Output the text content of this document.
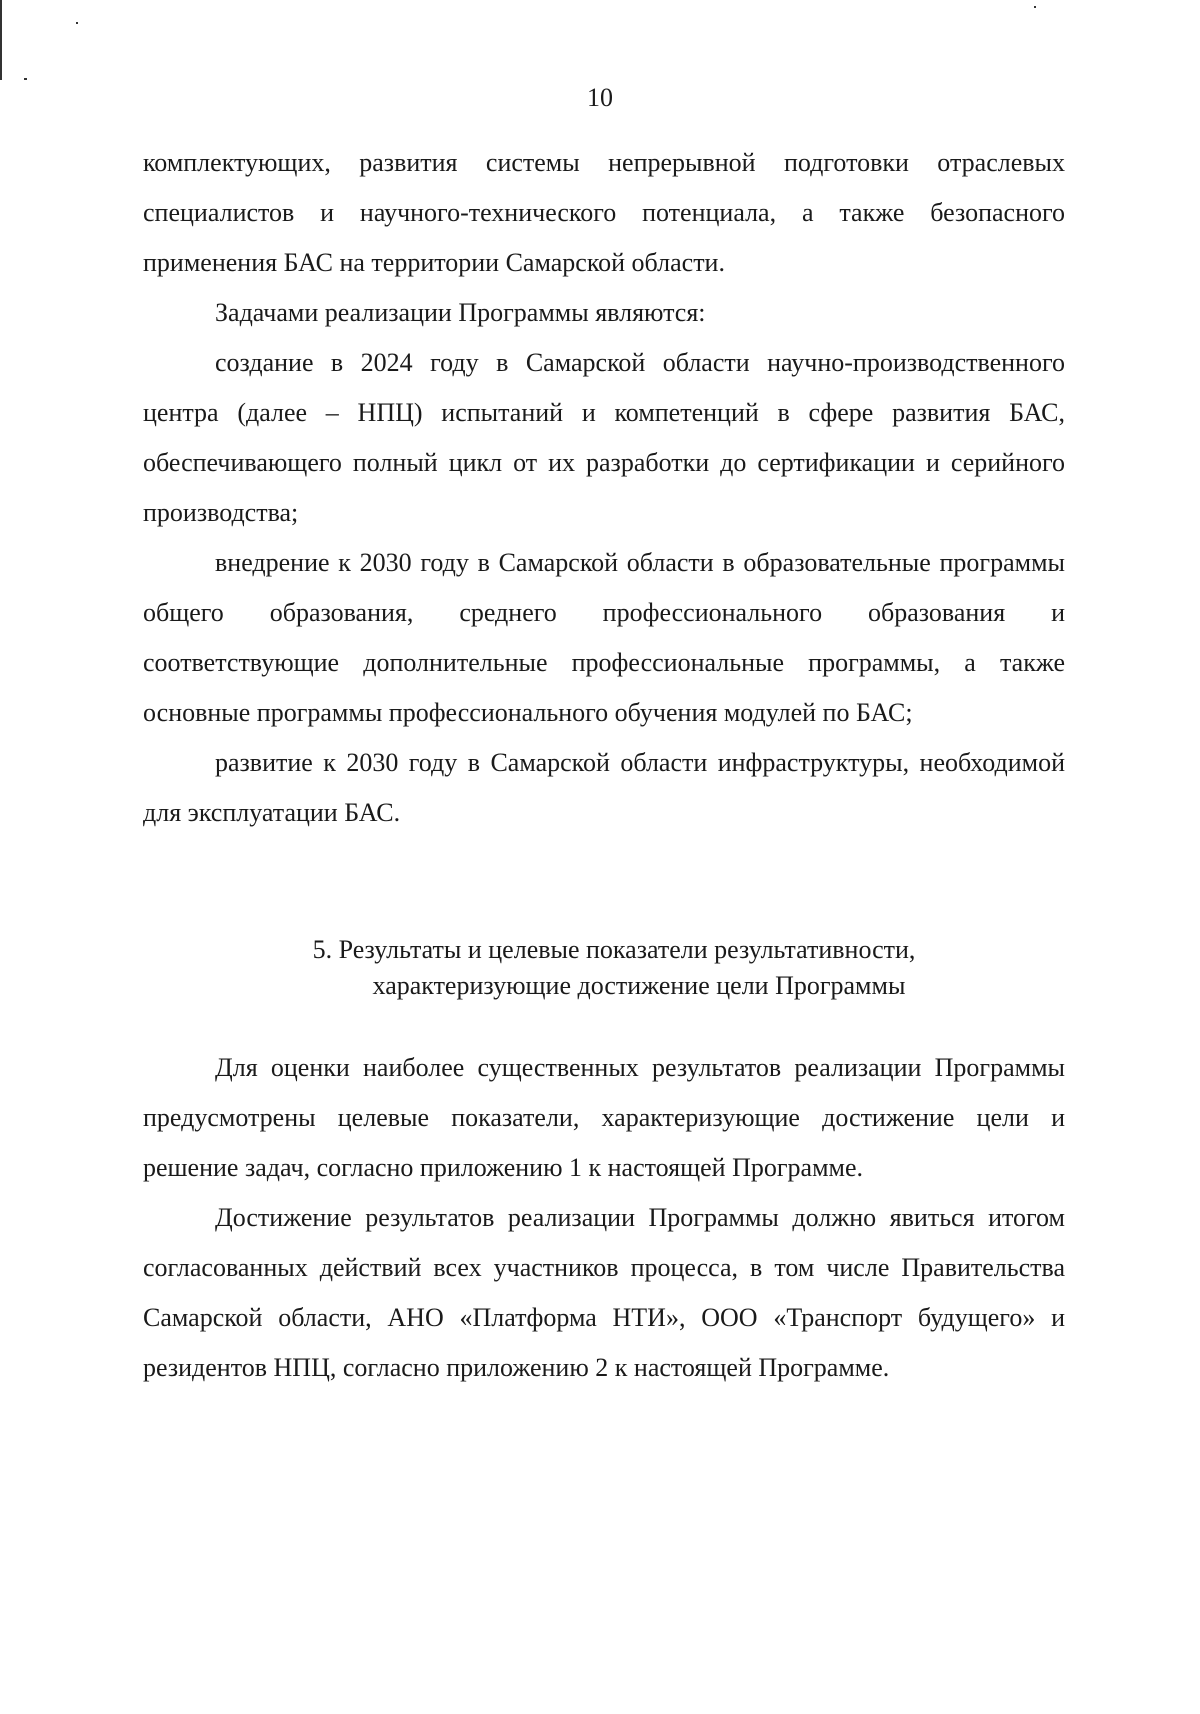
10

комплектующих, развития системы непрерывной подготовки отраслевых специалистов и научного-технического потенциала, а также безопасного применения БАС на территории Самарской области.

Задачами реализации Программы являются:

создание в 2024 году в Самарской области научно-производственного центра (далее – НПЦ) испытаний и компетенций в сфере развития БАС, обеспечивающего полный цикл от их разработки до сертификации и серийного производства;

внедрение к 2030 году в Самарской области в образовательные программы общего образования, среднего профессионального образования и соответствующие дополнительные профессиональные программы, а также основные программы профессионального обучения модулей по БАС;

развитие к 2030 году в Самарской области инфраструктуры, необходимой для эксплуатации БАС.

5. Результаты и целевые показатели результативности,
характеризующие достижение цели Программы

Для оценки наиболее существенных результатов реализации Программы предусмотрены целевые показатели, характеризующие достижение цели и решение задач, согласно приложению 1 к настоящей Программе.

Достижение результатов реализации Программы должно явиться итогом согласованных действий всех участников процесса, в том числе Правительства Самарской области, АНО «Платформа НТИ», ООО «Транспорт будущего» и резидентов НПЦ, согласно приложению 2 к настоящей Программе.
